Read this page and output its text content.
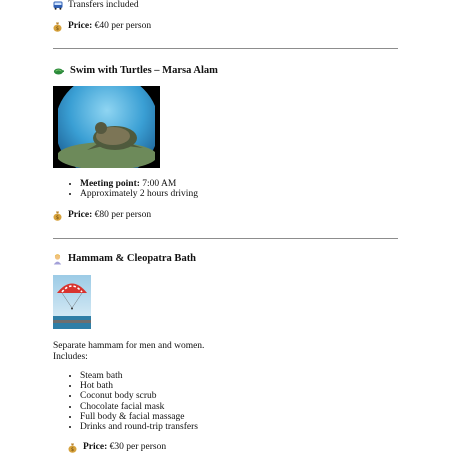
Transfers included
$ Price: €40 per person
Swim with Turtles – Marsa Alam
• Meeting point: 7:00 AM
• Approximately 2 hours driving
$ Price: €80 per person
Hammam & Cleopatra Bath
Separate hammam for men and women.
Includes:
• Steam bath
• Hot bath
• Coconut body scrub
• Chocolate facial mask
• Full body & facial massage
• Drinks and round-trip transfers
$ Price: €30 per person
